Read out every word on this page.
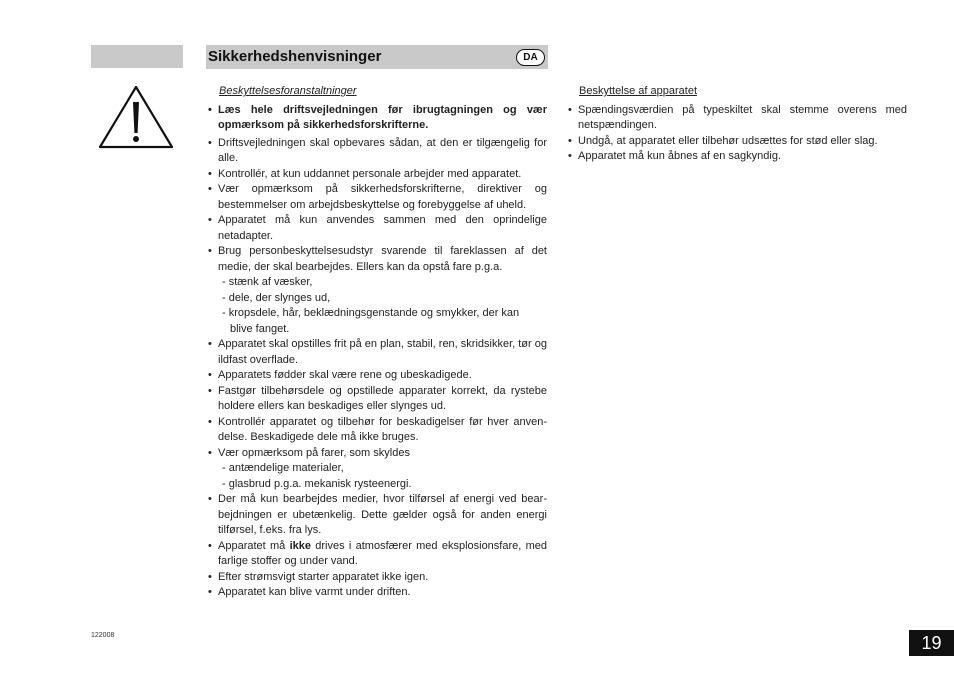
Sikkerhedshenvisninger	DA
Beskyttelsesforanstaltninger
• Læs hele driftsvejledningen før ibrugtagningen og vær opmærksom på sikkerhedsforskrifterne.
• Driftsvejledningen skal opbevares sådan, at den er tilgængelig for alle.
• Kontrollér, at kun uddannet personale arbejder med apparatet.
• Vær opmærksom på sikkerhedsforskrifterne, direktiver og bestemmelser om arbejdsbeskyttelse og forebyggelse af uheld.
• Apparatet må kun anvendes sammen med den oprindelige netadapter.
• Brug personbeskyttelsesudstyr svarende til fareklassen af det medie, der skal bearbejdes. Ellers kan da opstå fare p.g.a.
- stænk af væsker,
- dele, der slynges ud,
- kropsdele, hår, beklædningsgenstande og smykker, der kan
blive fanget.
• Apparatet skal opstilles frit på en plan, stabil, ren, skridsikker, tør og ildfast overflade.
• Apparatets fødder skal være rene og ubeskadigede.
• Fastgør tilbehørsdele og opstillede apparater korrekt, da rystebe holdere ellers kan beskadiges eller slynges ud.
• Kontrollér apparatet og tilbehør for beskadigelser før hver anven- delse. Beskadigede dele må ikke bruges.
• Vær opmærksom på farer, som skyldes
- antændelige materialer,
- glasbrud p.g.a. mekanisk rysteenergi.
• Der må kun bearbejdes medier, hvor tilførsel af energi ved bear- bejdningen er ubetænkelig. Dette gælder også for anden energi tilførsel, f.eks. fra lys.
• Apparatet må ikke drives i atmosfærer med eksplosionsfare, med farlige stoffer og under vand.
• Efter strømsvigt starter apparatet ikke igen.
• Apparatet kan blive varmt under driften.
Beskyttelse af apparatet
• Spændingsværdien på typeskiltet skal stemme overens med netspændingen.
• Undgå, at apparatet eller tilbehør udsættes for stød eller slag.
• Apparatet må kun åbnes af en sagkyndig.
122008	19
